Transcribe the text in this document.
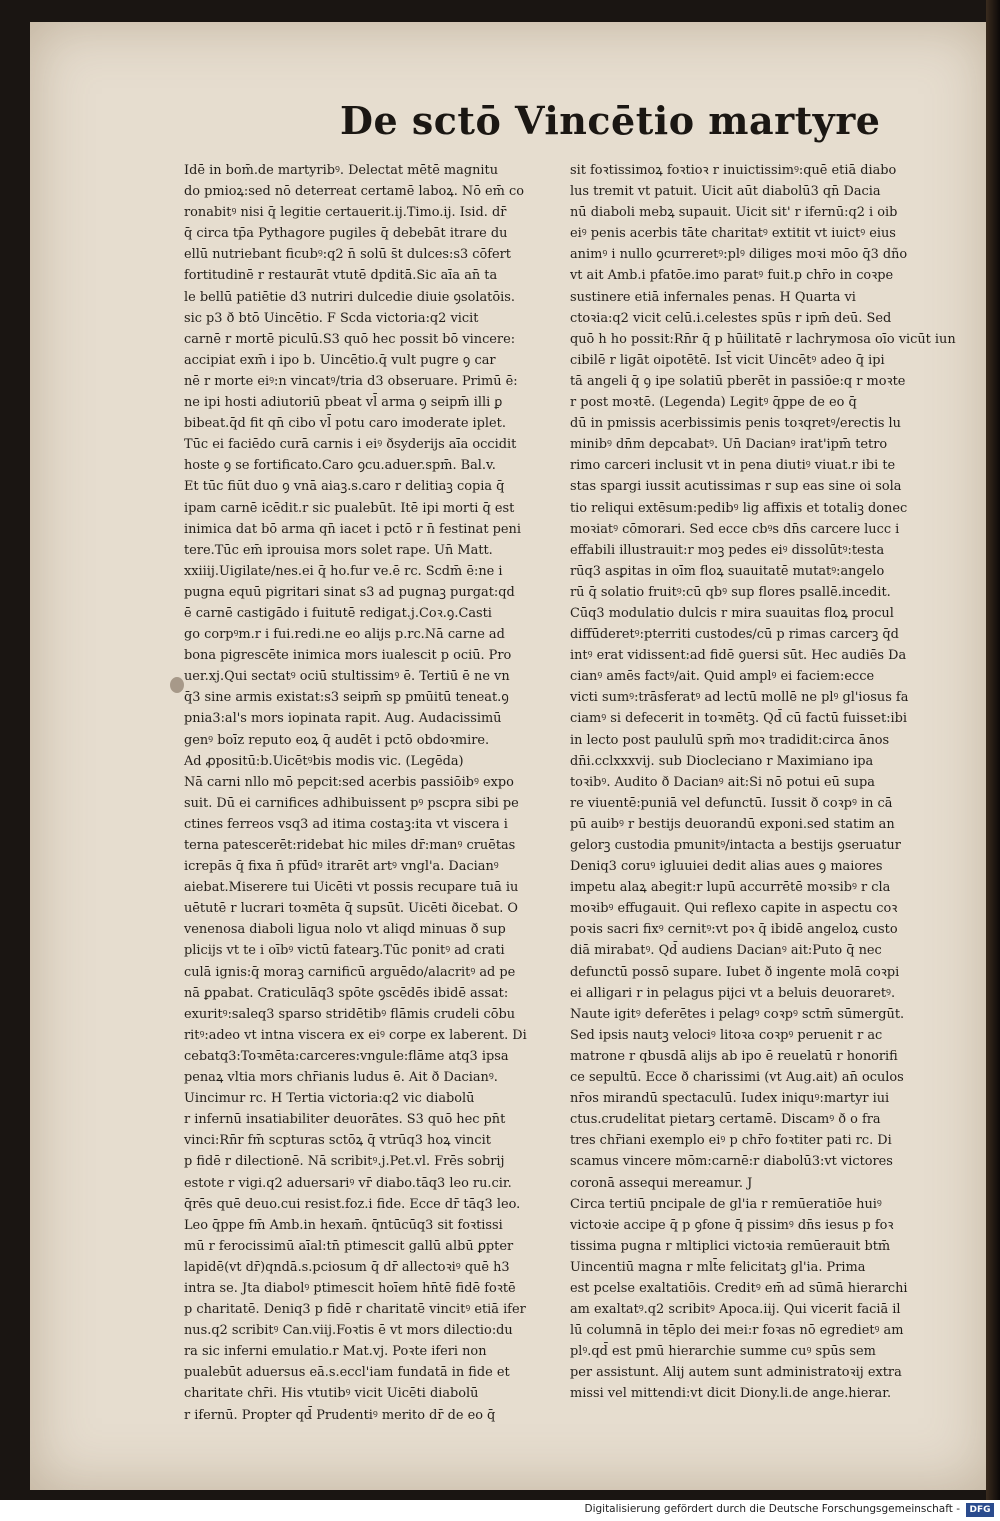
De sctō Vincētio martyre

Idē in bom̄.de martyribꝰ. Delectat mētē magnitu

do pmioꝝ:sed nō deterreat certamē laboꝝ. Nō em̄ co

ronabitꝰ nisi q̄ legitie certauerit.ij.Timo.ij. Isid. dr̄

q̄ circa tp̄a Pythagore pugiles q̄ debebāt itrare du

ellū nutriebant ficubꝰ:q2 n̄ solū s̄t dulces:s3 cōfert

fortitudinē r restaurāt vtutē dpditā.Sic aīa an̄ ta

le bellū patiētie d3 nutriri dulcedie diuie ꝯsolatōis.

sic p3 ð btō Uincētio. F Scda victoria:q2 vicit

carnē r mortē piculū.S3 quō hec possit bō vincere:

accipiat exm̄ i ipo b. Uincētio.q̄ vult pugre ꝯ car

nē r morte eiꝰ:n vincatꝰ/tria d3 obseruare. Primū ē:

ne ipi hosti adiutoriū pbeat vl̄ arma ꝯ seipm̄ illi ꝑ

bibeat.q̄d fit qn̄ cibo vl̄ potu caro imoderate iplet.

Tūc ei faciēdo curā carnis i eiꝰ ðsyderijs aīa occidit

hoste ꝯ se fortificato.Caro ꝯcu.aduer.spm̄. Bal.v.

Et tūc fiūt duo ꝯ vnā aiaꝫ.s.caro r delitiaꝫ copia q̄

ipam carnē icēdit.r sic pualebūt. Itē ipi morti q̄ est

inimica dat bō arma qn̄ iacet i pctō r n̄ festinat peni

tere.Tūc em̄ iprouisa mors solet rape. Un̄ Matt.

xxiiij.Uigilate/nes.ei q̄ ho.fur ve.ē rc. Scdm̄ ē:ne i

pugna equū pigritari sinat s3 ad pugnaꝫ purgat:qd

ē carnē castigādo i fuitutē redigat.j.Coꝛ.ꝯ.Casti

go corpꝰm.r i fui.redi.ne eo alijs p.rc.Nā carne ad

bona pigrescēte inimica mors iualescit p ociū. Pro

uer.xj.Qui sectatꝰ ociū stultissimꝰ ē. Tertiū ē ne vn

q̄3 sine armis existat:s3 seipm̄ sp pmūitū teneat.ꝯ

pnia3:al's mors iopinata rapit. Aug. Audacissimū

genꝰ boīz reputo eoꝝ q̄ audēt i pctō obdoꝛmire.

Ad ꝓpositū:b.Uicētꝰbis modis vic. (Legēda)

Nā carni nllo mō pepcit:sed acerbis passiōibꝰ expo

suit. Dū ei carnifices adhibuissent pꝰ pscpra sibi pe

ctines ferreos vsq3 ad itima costaꝫ:ita vt viscera i

terna patescerēt:ridebat hic miles dr̄:manꝰ cruētas

icrepās q̄ fixa n̄ pfūdꝰ itrarēt artꝰ vngl'a. Dacianꝰ

aiebat.Miserere tui Uicēti vt possis recupare tuā iu

uētutē r lucrari toꝛmēta q̄ supsūt. Uicēti ðicebat. O

venenosa diaboli ligua nolo vt aliqd minuas ð sup

plicijs vt te i oībꝰ victū fatearꝫ.Tūc ponitꝰ ad crati

culā ignis:q̄ moraꝫ carnificū arguēdo/alacritꝰ ad pe

nā ꝑpabat. Craticulāq3 spōte ꝯscēdēs ibidē assat:

exuritꝰ:saleq3 sparso stridētibꝰ flāmis crudeli cōbu

ritꝰ:adeo vt intna viscera ex eiꝰ corpe ex laberent. Di

cebatq3:Toꝛmēta:carceres:vngule:flāme atq3 ipsa

penaꝝ vltia mors chr̄ianis ludus ē. Ait ð Dacianꝰ.

Uincimur rc. H Tertia victoria:q2 vic diabolū

r infernū insatiabiliter deuorātes. S3 quō hec pn̄t

vinci:Rn̄r fm̄ scpturas sctōꝝ q̄ vtrūq3 hoꝝ vincit

p fidē r dilectionē. Nā scribitꝰ.j.Pet.vl. Frēs sobrij

estote r vigi.q2 aduersariꝰ vr̄ diabo.tāq3 leo ru.cir.

q̄rēs quē deuo.cui resist.foz.i fide. Ecce dr̄ tāq3 leo.

Leo q̄ppe fm̄ Amb.in hexam̄. q̄ntūcūq3 sit foꝛtissi

mū r ferocissimū aīal:tn̄ ptimescit gallū albū ꝑpter

lapidē(vt dr̄)qndā.s.pciosum q̄ dr̄ allectoꝛiꝰ quē h3

intra se. Jta diabolꝰ ptimescit hoīem hn̄tē fidē foꝛtē

p charitatē. Deniq3 p fidē r charitatē vincitꝰ etiā ifer

nus.q2 scribitꝰ Can.viij.Foꝛtis ē vt mors dilectio:du

ra sic inferni emulatio.r Mat.vj. Poꝛte iferi non

pualebūt aduersus eā.s.eccl'iam fundatā in fide et

charitate chr̄i. His vtutibꝰ vicit Uicēti diabolū

r ifernū. Propter qd̄ Prudentiꝰ merito dr̄ de eo q̄

sit foꝛtissimoꝝ foꝛtioꝛ r inuictissimꝰ:quē etiā diabo

lus tremit vt patuit. Uicit aūt diabolū3 qn̄ Dacia

nū diaboli mebꝝ supauit. Uicit sit' r ifernū:q2 i oib

eiꝰ penis acerbis tāte charitatꝰ extitit vt iuictꝰ eius

animꝰ i nullo ꝯcurreretꝰ:plꝰ diliges moꝛi mōo q̄3 dño

vt ait Amb.i pfatōe.imo paratꝰ fuit.p chr̄o in coꝛpe

sustinere etiā infernales penas. H Quarta vi

ctoꝛia:q2 vicit celū.i.celestes spūs r ipm̄ deū. Sed

quō h ho possit:Rn̄r q̄ p hūilitatē r lachrymosa oīo vicūt iun

cibilē r ligāt oipotētē. Ist̄ vicit Uincētꝰ adeo q̄ ipi

tā angeli q̄ ꝯ ipe solatiū pberēt in passiōe:q r moꝛte

r post moꝛtē. (Legenda) Legitꝰ q̄ppe de eo q̄

dū in pmissis acerbissimis penis toꝛqretꝰ/erectis lu

minibꝰ dn̄m depcabatꝰ. Un̄ Dacianꝰ irat'ipm̄ tetro

rimo carceri inclusit vt in pena diutiꝰ viuat.r ibi te

stas spargi iussit acutissimas r sup eas sine oi sola

tio reliqui extēsum:pedibꝰ lig affixis et totaliꝫ donec

moꝛiatꝰ cōmorari. Sed ecce cbꝰs dn̄s carcere lucc i

effabili illustrauit:r moꝫ pedes eiꝰ dissolūtꝰ:testa

rūq3 asꝑitas in oīm floꝝ suauitatē mutatꝰ:angelo

rū q̄ solatio fruitꝰ:cū qbꝰ sup flores psallē.incedit.

Cūq3 modulatio dulcis r mira suauitas floꝝ procul

diffūderetꝰ:pterriti custodes/cū p rimas carcerꝫ q̄d

intꝰ erat vidissent:ad fidē ꝯuersi sūt. Hec audiēs Da

cianꝰ amēs factꝰ/ait. Quid amplꝰ ei faciem:ecce

victi sumꝰ:trāsferatꝰ ad lectū mollē ne plꝰ gl'iosus fa

ciamꝰ si defecerit in toꝛmētꝫ. Qd̄ cū factū fuisset:ibi

in lecto post paululū spm̄ moꝛ tradidit:circa ānos

dn̄i.cclxxxvij. sub Diocleciano r Maximiano ipa

toꝛibꝰ. Audito ð Dacianꝰ ait:Si nō potui eū supa

re viuentē:puniā vel defunctū. Iussit ð coꝛpꝰ in cā

pū auibꝰ r bestijs deuorandū exponi.sed statim an

gelorꝫ custodia pmunitꝰ/intacta a bestijs ꝯseruatur

Deniq3 coruꝰ igluuiei dedit alias aues ꝯ maiores

impetu alaꝝ abegit:r lupū accurrētē moꝛsibꝰ r cla

moꝛibꝰ effugauit. Qui reflexo capite in aspectu coꝛ

poꝛis sacri fixꝰ cernitꝰ:vt poꝛ q̄ ibidē angeloꝝ custo

diā mirabatꝰ. Qd̄ audiens Dacianꝰ ait:Puto q̄ nec

defunctū possō supare. Iubet ð ingente molā coꝛpi

ei alligari r in pelagus pijci vt a beluis deuoraretꝰ.

Naute igitꝰ deferētes i pelagꝰ coꝛpꝰ sctm̄ sūmergūt.

Sed ipsis nautꝫ velociꝰ litoꝛa coꝛpꝰ peruenit r ac

matrone r qbusdā alijs ab ipo ē reuelatū r honorifi

ce sepultū. Ecce ð charissimi (vt Aug.ait) an̄ oculos

nr̄os mirandū spectaculū. Iudex iniquꝰ:martyr iui

ctus.crudelitat pietarꝫ certamē. Discamꝰ ð o fra

tres chr̄iani exemplo eiꝰ p chr̄o foꝛtiter pati rc. Di

scamus vincere mōm:carnē:r diabolū3:vt victores

coronā assequi mereamur. J

Circa tertiū pncipale de gl'ia r remūeratiōe huiꝰ

victoꝛie accipe q̄ p ꝯfone q̄ pissimꝰ dn̄s iesus p foꝛ

tissima pugna r mltiplici victoꝛia remūerauit btm̄

Uincentiū magna r mlt̄e felicitatꝫ gl'ia. Prima

est pcelse exaltatiōis. Creditꝰ em̄ ad sūmā hierarchi

am exaltatꝰ.q2 scribitꝰ Apoca.iij. Qui vicerit faciā il

lū columnā in tēplo dei mei:r foꝛas nō egredietꝰ am

plꝰ.qd̄ est pmū hierarchie summe cuꝰ spūs sem

per assistunt. Alij autem sunt administratoꝛij extra

missi vel mittendi:vt dicit Diony.li.de ange.hierar.

Digitalisierung gefördert durch die Deutsche Forschungsgemeinschaft -	DFG
